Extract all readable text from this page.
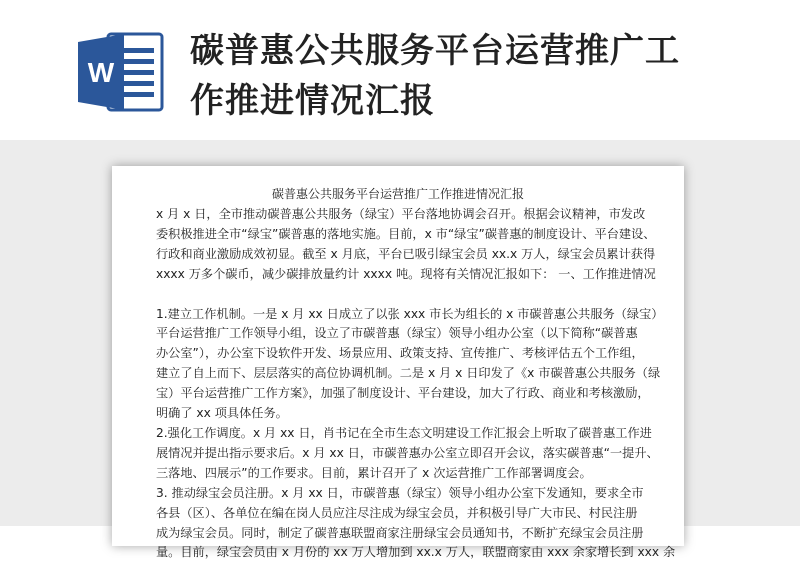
W
碳普惠公共服务平台运营推广工
作推进情况汇报
碳普惠公共服务平台运营推广工作推进情况汇报

x 月 x 日，全市推动碳普惠公共服务（绿宝）平台落地协调会召开。根据会议精神，市发改

委积极推进全市“绿宝”碳普惠的落地实施。目前，x 市“绿宝”碳普惠的制度设计、平台建设、

行政和商业激励成效初显。截至 x 月底，平台已吸引绿宝会员 xx.x 万人，绿宝会员累计获得

xxxx 万多个碳币，减少碳排放量约计 xxxx 吨。现将有关情况汇报如下： 一、工作推进情况

1.建立工作机制。一是 x 月 xx 日成立了以张 xxx 市长为组长的 x 市碳普惠公共服务（绿宝）

平台运营推广工作领导小组，设立了市碳普惠（绿宝）领导小组办公室（以下简称“碳普惠

办公室”），办公室下设软件开发、场景应用、政策支持、宣传推广、考核评估五个工作组，

建立了自上而下、层层落实的高位协调机制。二是 x 月 x 日印发了《x 市碳普惠公共服务（绿

宝）平台运营推广工作方案》，加强了制度设计、平台建设，加大了行政、商业和考核激励，

明确了 xx 项具体任务。

2.强化工作调度。x 月 xx 日，肖书记在全市生态文明建设工作汇报会上听取了碳普惠工作进

展情况并提出指示要求后。x 月 xx 日，市碳普惠办公室立即召开会议，落实碳普惠“一提升、

三落地、四展示”的工作要求。目前，累计召开了 x 次运营推广工作部署调度会。

3. 推动绿宝会员注册。x 月 xx 日，市碳普惠（绿宝）领导小组办公室下发通知，要求全市

各县（区）、各单位在编在岗人员应注尽注成为绿宝会员，并积极引导广大市民、村民注册

成为绿宝会员。同时，制定了碳普惠联盟商家注册绿宝会员通知书，不断扩充绿宝会员注册

量。目前，绿宝会员由 x 月份的 xx 万人增加到 xx.x 万人，联盟商家由 xxx 余家增长到 xxx 余
